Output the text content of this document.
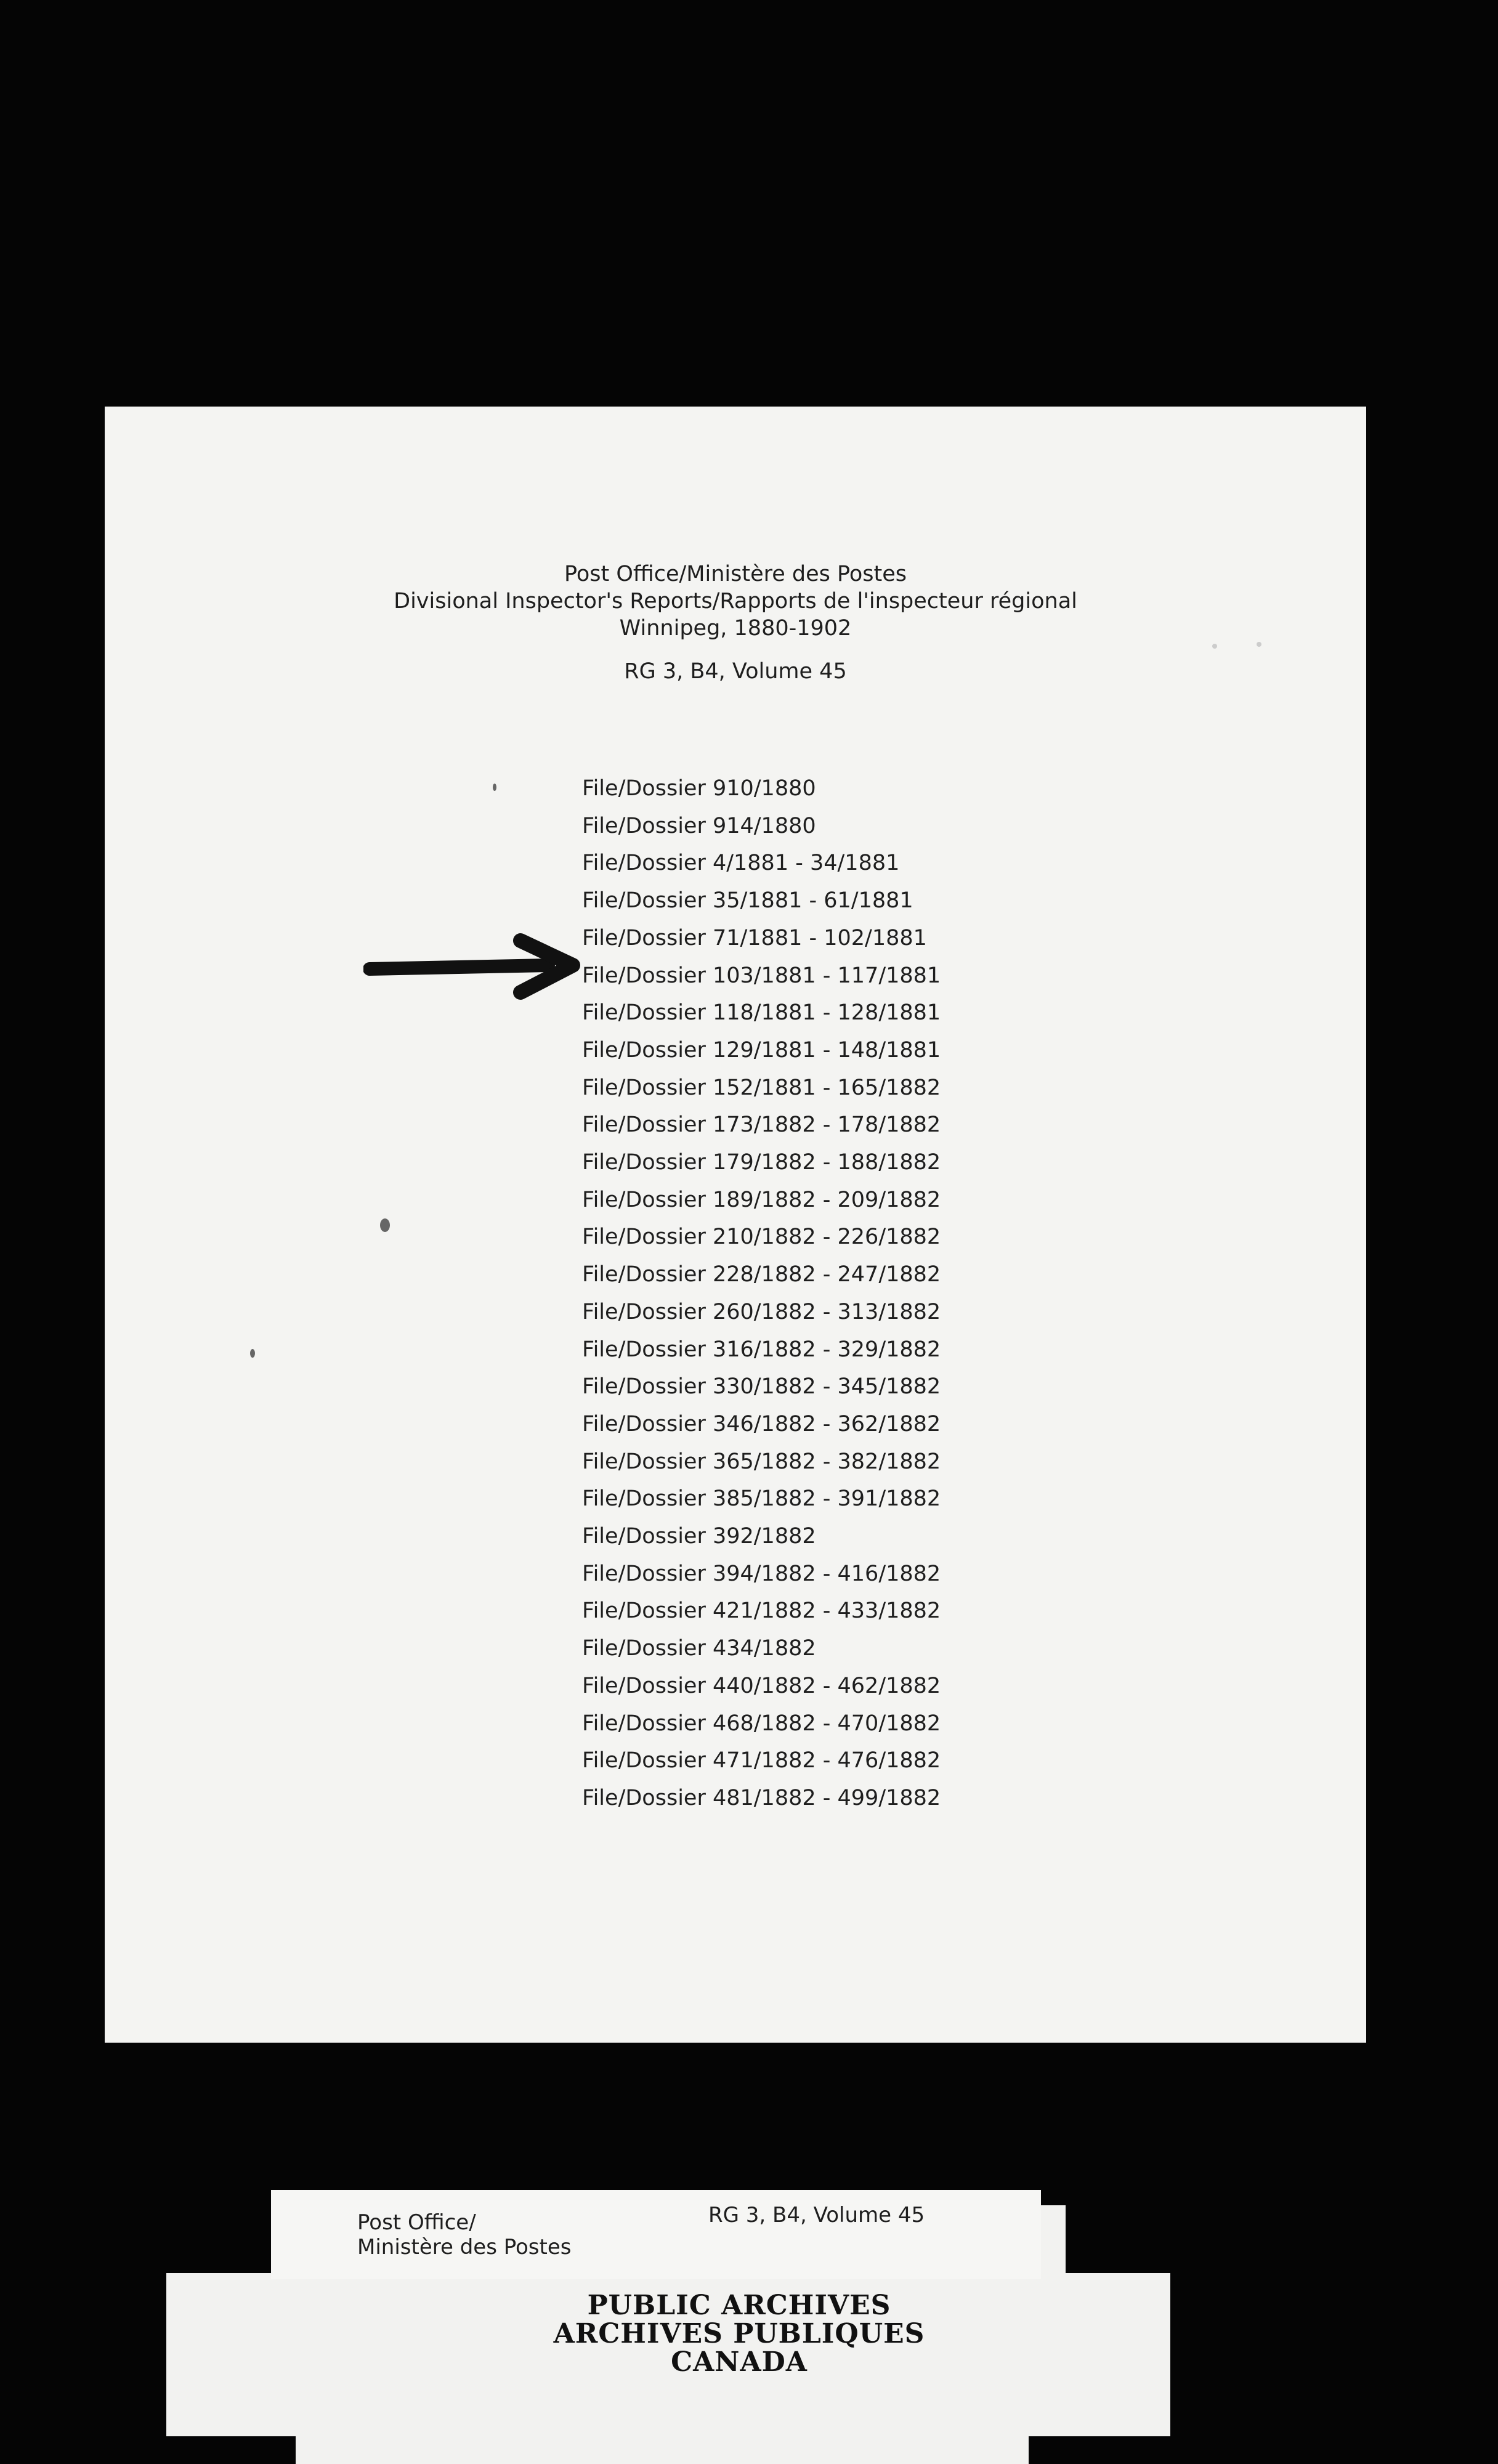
Post Office/Ministère des Postes
Divisional Inspector's Reports/Rapports de l'inspecteur régional
Winnipeg, 1880-1902
RG 3, B4, Volume 45
File/Dossier 910/1880
File/Dossier 914/1880
File/Dossier 4/1881 - 34/1881
File/Dossier 35/1881 - 61/1881
File/Dossier 71/1881 - 102/1881
File/Dossier 103/1881 - 117/1881
File/Dossier 118/1881 - 128/1881
File/Dossier 129/1881 - 148/1881
File/Dossier 152/1881 - 165/1882
File/Dossier 173/1882 - 178/1882
File/Dossier 179/1882 - 188/1882
File/Dossier 189/1882 - 209/1882
File/Dossier 210/1882 - 226/1882
File/Dossier 228/1882 - 247/1882
File/Dossier 260/1882 - 313/1882
File/Dossier 316/1882 - 329/1882
File/Dossier 330/1882 - 345/1882
File/Dossier 346/1882 - 362/1882
File/Dossier 365/1882 - 382/1882
File/Dossier 385/1882 - 391/1882
File/Dossier 392/1882
File/Dossier 394/1882 - 416/1882
File/Dossier 421/1882 - 433/1882
File/Dossier 434/1882
File/Dossier 440/1882 - 462/1882
File/Dossier 468/1882 - 470/1882
File/Dossier 471/1882 - 476/1882
File/Dossier 481/1882 - 499/1882
Post Office/
Ministère des Postes
RG 3, B4, Volume 45
PUBLIC ARCHIVES
ARCHIVES PUBLIQUES
CANADA
